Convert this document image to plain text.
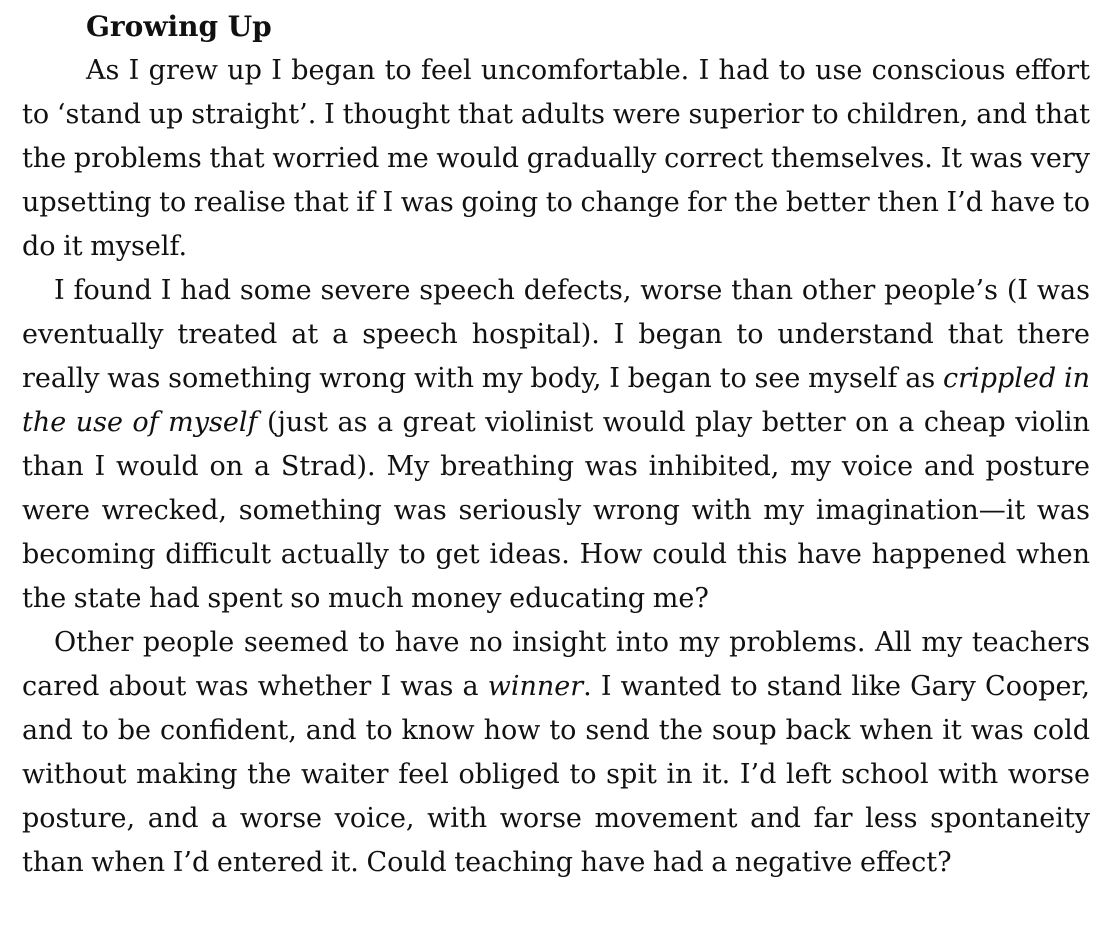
Growing Up

As I grew up I began to feel uncomfortable. I had to use conscious effort to ‘stand up straight’. I thought that adults were superior to children, and that the problems that worried me would gradually correct themselves. It was very upsetting to realise that if I was going to change for the better then I’d have to do it myself.

I found I had some severe speech defects, worse than other people’s (I was eventually treated at a speech hospital). I began to understand that there really was something wrong with my body, I began to see myself as crippled in the use of myself (just as a great violinist would play better on a cheap violin than I would on a Strad). My breathing was inhibited, my voice and posture were wrecked, something was seriously wrong with my imagination—it was becoming difficult actually to get ideas. How could this have happened when the state had spent so much money educating me?

Other people seemed to have no insight into my problems. All my teachers cared about was whether I was a winner. I wanted to stand like Gary Cooper, and to be confident, and to know how to send the soup back when it was cold without making the waiter feel obliged to spit in it. I’d left school with worse posture, and a worse voice, with worse movement and far less spontaneity than when I’d entered it. Could teaching have had a negative effect?
